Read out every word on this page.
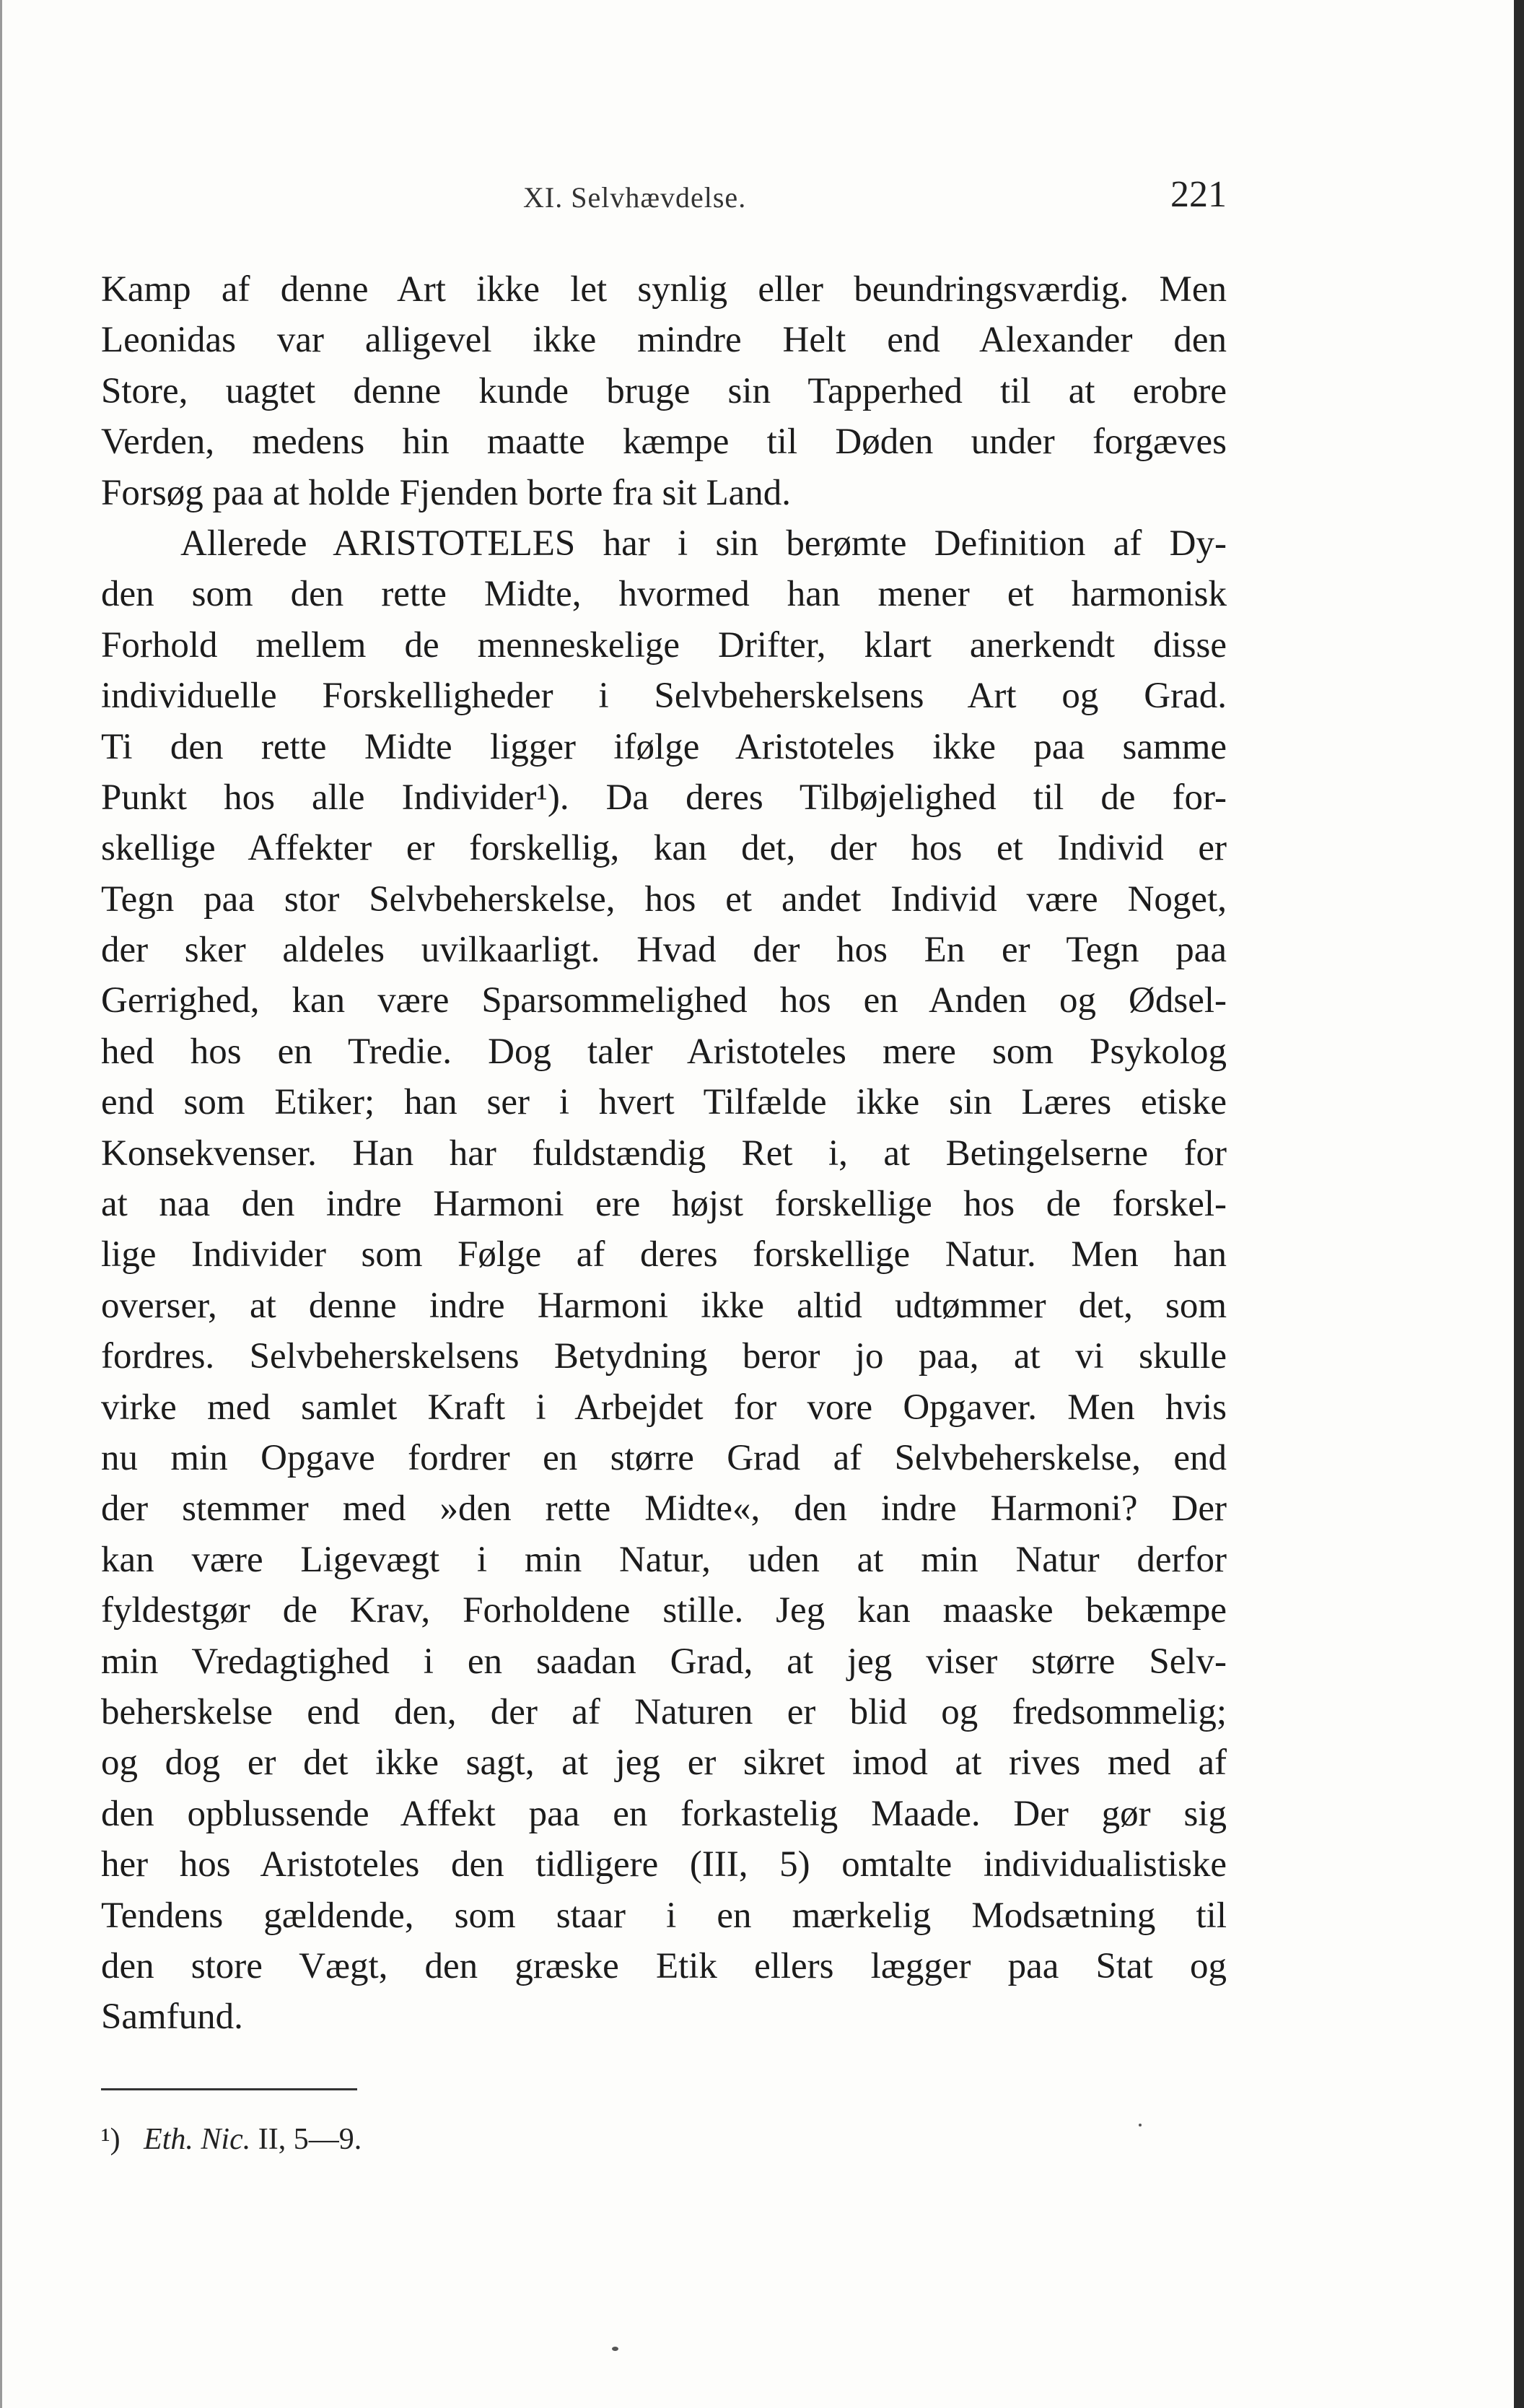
XI. Selvhævdelse.	221
Kamp af denne Art ikke let synlig eller beundringsværdig. Men
Leonidas var alligevel ikke mindre Helt end Alexander den
Store, uagtet denne kunde bruge sin Tapperhed til at erobre
Verden, medens hin maatte kæmpe til Døden under forgæves
Forsøg paa at holde Fjenden borte fra sit Land.
Allerede ARISTOTELES har i sin berømte Definition af Dy-
den som den rette Midte, hvormed han mener et harmonisk
Forhold mellem de menneskelige Drifter, klart anerkendt disse
individuelle Forskelligheder i Selvbeherskelsens Art og Grad.
Ti den rette Midte ligger ifølge Aristoteles ikke paa samme
Punkt hos alle Individer¹). Da deres Tilbøjelighed til de for-
skellige Affekter er forskellig, kan det, der hos et Individ er
Tegn paa stor Selvbeherskelse, hos et andet Individ være Noget,
der sker aldeles uvilkaarligt. Hvad der hos En er Tegn paa
Gerrighed, kan være Sparsommelighed hos en Anden og Ødsel-
hed hos en Tredie. Dog taler Aristoteles mere som Psykolog
end som Etiker; han ser i hvert Tilfælde ikke sin Læres etiske
Konsekvenser. Han har fuldstændig Ret i, at Betingelserne for
at naa den indre Harmoni ere højst forskellige hos de forskel-
lige Individer som Følge af deres forskellige Natur. Men han
overser, at denne indre Harmoni ikke altid udtømmer det, som
fordres. Selvbeherskelsens Betydning beror jo paa, at vi skulle
virke med samlet Kraft i Arbejdet for vore Opgaver. Men hvis
nu min Opgave fordrer en større Grad af Selvbeherskelse, end
der stemmer med »den rette Midte«, den indre Harmoni? Der
kan være Ligevægt i min Natur, uden at min Natur derfor
fyldestgør de Krav, Forholdene stille. Jeg kan maaske bekæmpe
min Vredagtighed i en saadan Grad, at jeg viser større Selv-
beherskelse end den, der af Naturen er blid og fredsommelig;
og dog er det ikke sagt, at jeg er sikret imod at rives med af
den opblussende Affekt paa en forkastelig Maade. Der gør sig
her hos Aristoteles den tidligere (III, 5) omtalte individualistiske
Tendens gældende, som staar i en mærkelig Modsætning til
den store Vægt, den græske Etik ellers lægger paa Stat og
Samfund.
¹) Eth. Nic. II, 5—9.
